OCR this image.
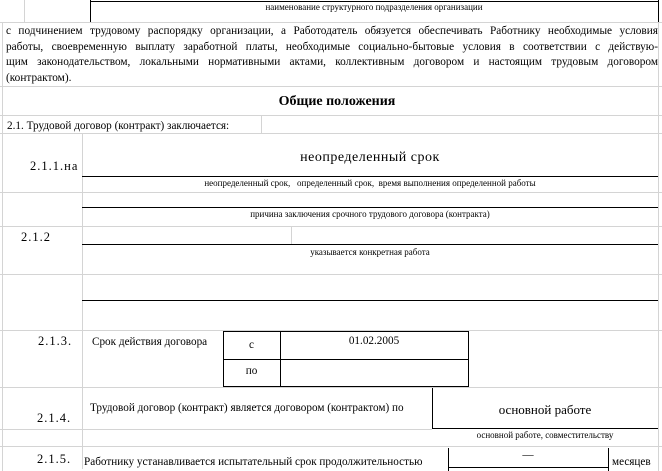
наименование структурного подразделения организации
с подчинением трудовому распорядку организации, а Работодатель обязуется обеспечивать Работнику необходимые условия
работы, своевременную выплату заработной платы, необходимые социально-бытовые условия в соответствии с действую-
щим законодательством, локальными нормативными актами, коллективным договором и настоящим трудовым договором
(контрактом).
Общие положения
2.1. Трудовой договор (контракт) заключается:
2.1.1.на
неопределенный срок
неопределенный срок,   определенный срок,  время выполнения определенной работы
причина заключения срочного трудового договора (контракта)
2.1.2
указывается конкретная работа
2.1.3. Срок действия договора	с	01.02.2005
по
2.1.4.
Трудовой договор (контракт) является договором (контрактом) по	основной работе
основной работе, совместительству
2.1.5. Работнику устанавливается испытательный срок продолжительностью
—
месяцев
